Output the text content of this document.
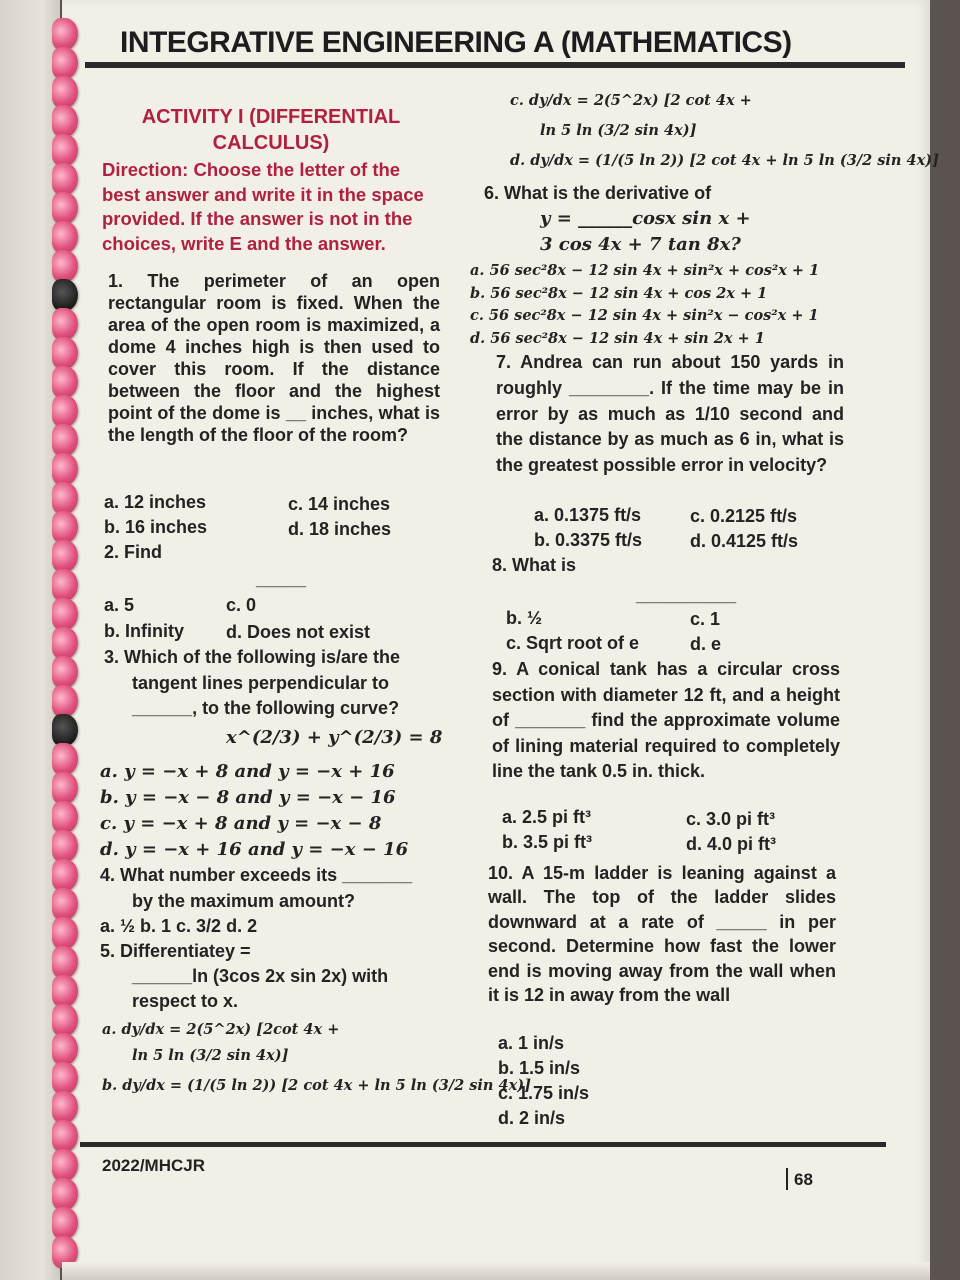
INTEGRATIVE ENGINEERING A (MATHEMATICS)
ACTIVITY I (DIFFERENTIAL
CALCULUS)
Direction: Choose the letter of the best answer and write it in the space provided. If the answer is not in the choices, write E and the answer.
1. The perimeter of an open rectangular room is fixed. When the area of the open room is maximized, a dome 4 inches high is then used to cover this room. If the distance between the floor and the highest point of the dome is __ inches, what is the length of the floor of the room?
a. 12 inches	c. 14 inches
b. 16 inches	d. 18 inches
2. Find
_____
a. 5	c. 0
b. Infinity d. Does not exist
3. Which of the following is/are the
tangent lines perpendicular to
______, to the following curve?
x^(2/3) + y^(2/3) = 8
a. y = −x + 8 and y = −x + 16
b. y = −x − 8 and y = −x − 16
c. y = −x + 8 and y = −x − 8
d. y = −x + 16 and y = −x − 16
4. What number exceeds its _______
by the maximum amount?
a. ½ b. 1 c. 3/2 d. 2
5. Differentiatey =
______ln (3cos 2x sin 2x) with
respect to x.
a. dy/dx = 2(5^2x) [2cot 4x +
ln 5 ln (3/2 sin 4x)]
b. dy/dx = (1/(5 ln 2)) [2 cot 4x + ln 5 ln (3/2 sin 4x)]
c. dy/dx = 2(5^2x) [2 cot 4x +
ln 5 ln (3/2 sin 4x)]
d. dy/dx = (1/(5 ln 2)) [2 cot 4x + ln 5 ln (3/2 sin 4x)]
6. What is the derivative of
y = ______cosx sin x +
3 cos 4x + 7 tan 8x?
a. 56 sec²8x − 12 sin 4x + sin²x + cos²x + 1
b. 56 sec²8x − 12 sin 4x + cos 2x + 1
c. 56 sec²8x − 12 sin 4x + sin²x − cos²x + 1
d. 56 sec²8x − 12 sin 4x + sin 2x + 1
7. Andrea can run about 150 yards in roughly ________. If the time may be in error by as much as 1/10 second and the distance by as much as 6 in, what is the greatest possible error in velocity?
a. 0.1375 ft/s	c. 0.2125 ft/s
b. 0.3375 ft/s	d. 0.4125 ft/s
8. What is
__________
b. ½	c. 1
c. Sqrt root of e	d. e
9. A conical tank has a circular cross section with diameter 12 ft, and a height of _______ find the approximate volume of lining material required to completely line the tank 0.5 in. thick.
a. 2.5 pi ft³	c. 3.0 pi ft³
b. 3.5 pi ft³	d. 4.0 pi ft³
10. A 15-m ladder is leaning against a wall. The top of the ladder slides downward at a rate of _____ in per second. Determine how fast the lower end is moving away from the wall when it is 12 in away from the wall
a. 1 in/s
b. 1.5 in/s
c. 1.75 in/s
d. 2 in/s
2022/MHCJR
68
